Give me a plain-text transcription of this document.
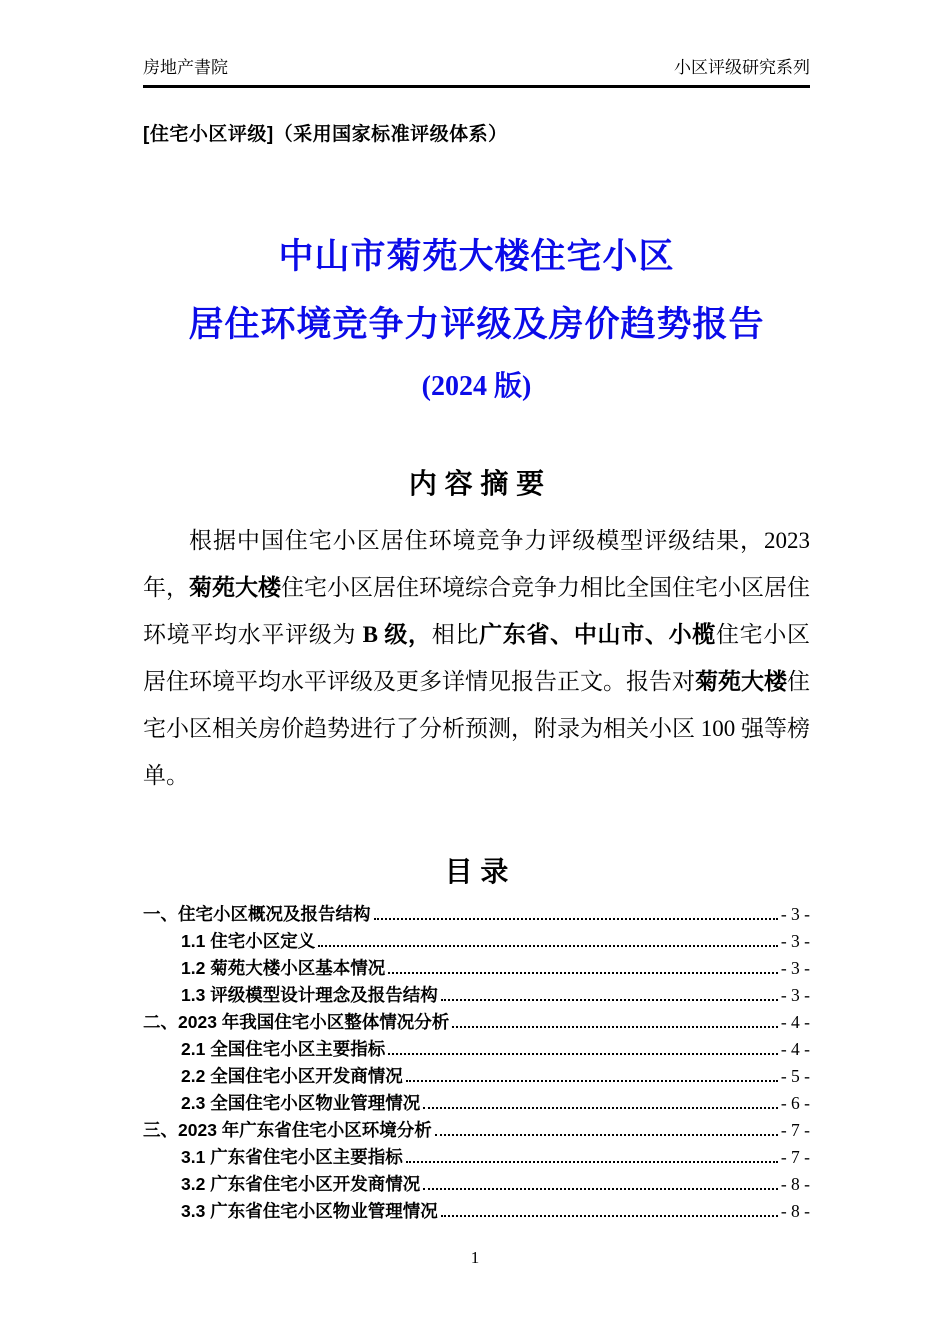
房地产書院	小区评级研究系列
[住宅小区评级]（采用国家标准评级体系）
中山市菊苑大楼住宅小区
居住环境竞争力评级及房价趋势报告
(2024 版)
内 容 摘 要

根据中国住宅小区居住环境竞争力评级模型评级结果，2023 年，菊苑大楼住宅小区居住环境综合竞争力相比全国住宅小区居住环境平均水平评级为 B 级，相比广东省、中山市、小榄住宅小区居住环境平均水平评级及更多详情见报告正文。报告对菊苑大楼住宅小区相关房价趋势进行了分析预测，附录为相关小区 100 强等榜单。

目 录
一、住宅小区概况及报告结构	- 3 -
1.1 住宅小区定义	- 3 -
1.2 菊苑大楼小区基本情况	- 3 -
1.3 评级模型设计理念及报告结构	- 3 -
二、2023 年我国住宅小区整体情况分析	- 4 -
2.1 全国住宅小区主要指标	- 4 -
2.2 全国住宅小区开发商情况	- 5 -
2.3 全国住宅小区物业管理情况	- 6 -
三、2023 年广东省住宅小区环境分析	- 7 -
3.1 广东省住宅小区主要指标	- 7 -
3.2 广东省住宅小区开发商情况	- 8 -
3.3 广东省住宅小区物业管理情况	- 8 -
1
